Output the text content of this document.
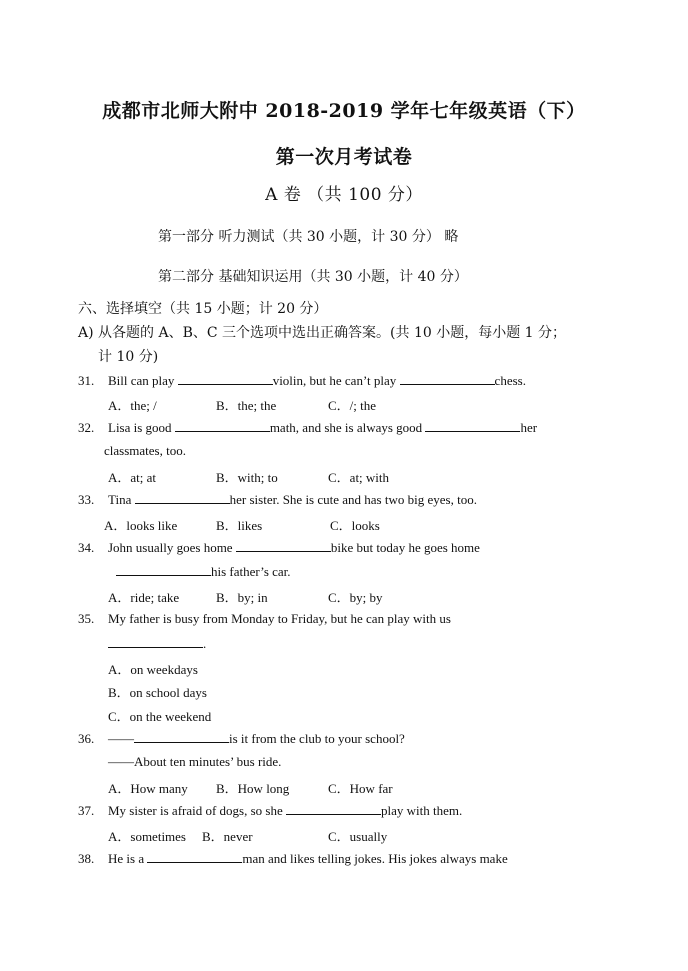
成都市北师大附中 2018-2019 学年七年级英语（下）
第一次月考试卷
A 卷 （共 100 分）
第一部分 听力测试（共 30 小题，计 30 分） 略
第二部分 基础知识运用（共 30 小题，计 40 分）
六、选择填空（共 15 小题；计 20 分）
A) 从各题的 A、B、C 三个选项中选出正确答案。(共 10 小题，每小题 1 分；
计 10 分)
31. Bill can play	violin, but he can’t play	chess.
A．the; /	B．the; the	C．/; the
32. Lisa is good	math, and she is always good	her
classmates, too.
A．at; at	B．with; to	C．at; with
33. Tina	her sister. She is cute and has two big eyes, too.
A．looks like	B．likes	C．looks
34. John usually goes home	bike but today he goes home
his father’s car.
A．ride; take	B．by; in	C．by; by
35. My father is busy from Monday to Friday, but he can play with us
.
A．on weekdays
B．on school days
C．on the weekend
36. ——	is it from the club to your school?
——About ten minutes’ bus ride.
A．How many B．How long	C．How far
37. My sister is afraid of dogs, so she	play with them.
A．sometimes B．never	C．usually
38. He is a	man and likes telling jokes. His jokes always make
